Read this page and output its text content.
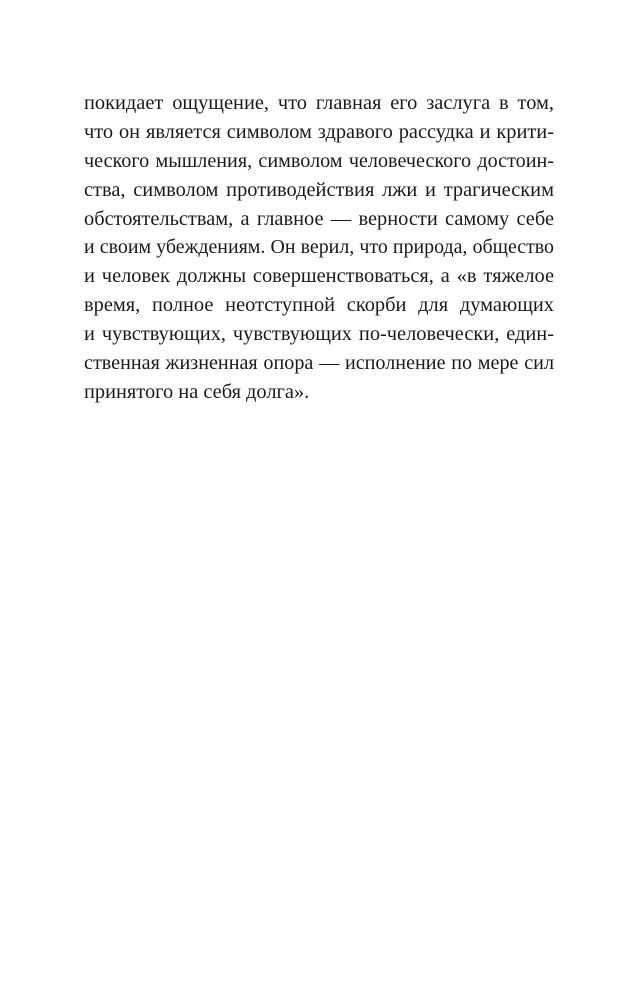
покидает ощущение, что главная его заслуга в том,
что он является символом здравого рассудка и крити-
ческого мышления, символом человеческого достоин-
ства, символом противодействия лжи и трагическим
обстоятельствам, а главное — верности самому себе
и своим убеждениям. Он верил, что природа, общество
и человек должны совершенствоваться, а «в тяжелое
время, полное неотступной скорби для думающих
и чувствующих, чувствующих по-человечески, един-
ственная жизненная опора — исполнение по мере сил
принятого на себя долга».
